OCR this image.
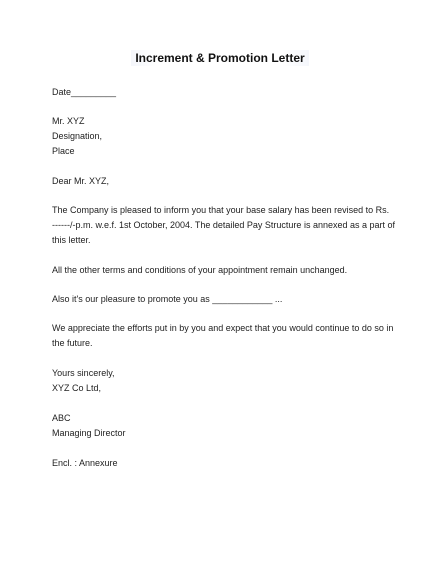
Increment & Promotion Letter
Date_________
Mr. XYZ
Designation,
Place
Dear Mr. XYZ,
The Company is pleased to inform you that your base salary has been revised to Rs.
------/-p.m. w.e.f. 1st October, 2004. The detailed Pay Structure is annexed as a part of
this letter.
All the other terms and conditions of your appointment remain unchanged.
Also it's our pleasure to promote you as ____________ ...
We appreciate the efforts put in by you and expect that you would continue to do so in
the future.
Yours sincerely,
XYZ Co Ltd,
ABC
Managing Director
Encl. : Annexure
